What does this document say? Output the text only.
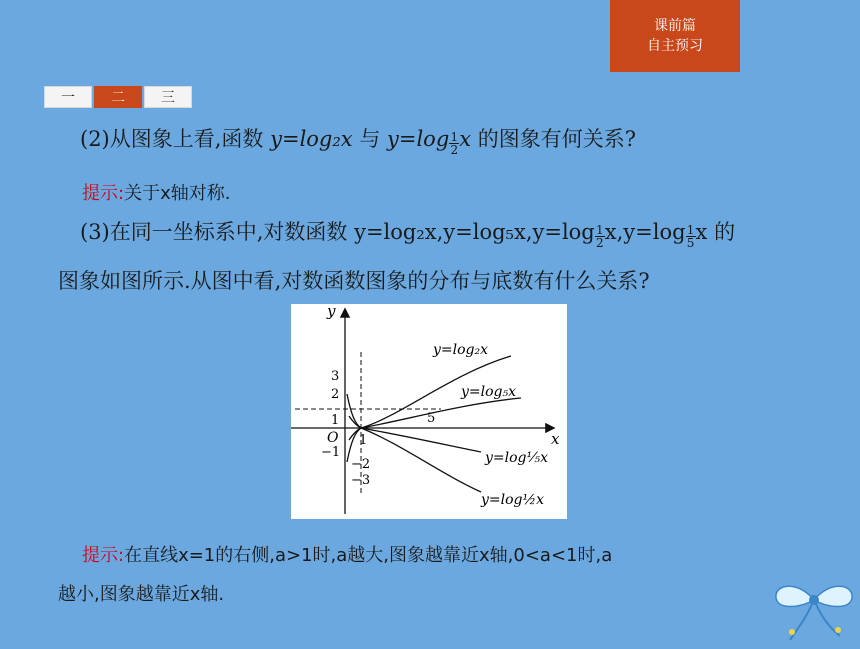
课前篇
自主预习
一	二	三
(2)从图象上看,函数 y=log₂x 与 $y=\log\frac{1}{2}$ x 的图象有何关系?
提示:关于x轴对称.
(3)在同一坐标系中,对数函数 $y=\log_2x,y=\log_5x,y=\log\frac{1}{2} x,y=\log\frac{1}{5}$ x 的
图象如图所示.从图中看,对数函数图象的分布与底数有什么关系?
y
x
O
3
2
1
−1
−2
−3
1
5
y=log₂x
y=log₅x
y=log⅕x
y=log½x
提示:在直线x=1的右侧,a>1时,a越大,图象越靠近x轴,0<a<1时,a
越小,图象越靠近x轴.
